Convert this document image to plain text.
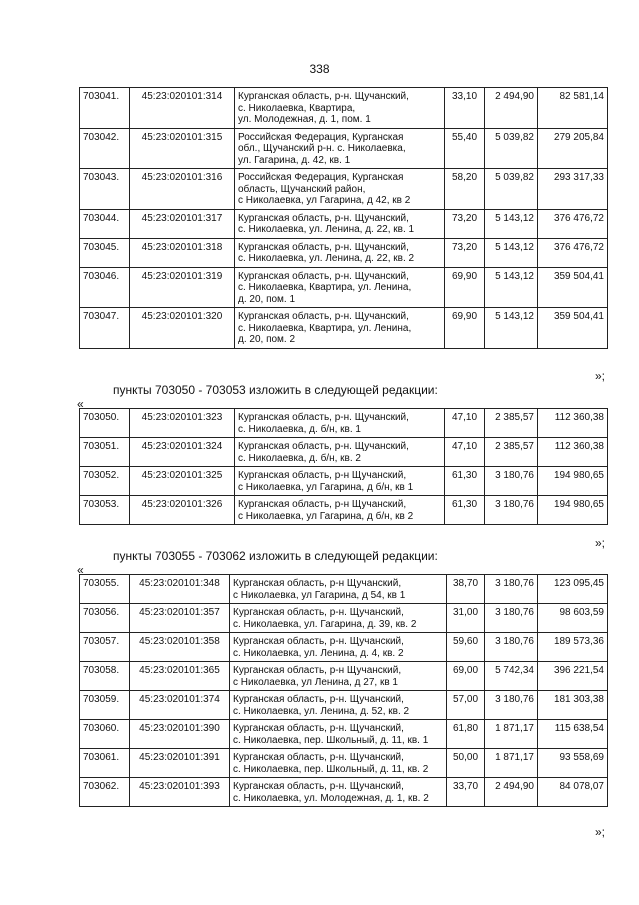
338
703041.	45:23:020101:314	Курганская область, р-н. Щучанский,
с. Николаевка, Квартира,
ул. Молодежная, д. 1, пом. 1	33,10	2 494,90	82 581,14
703042.	45:23:020101:315	Российская Федерация, Курганская
обл., Щучанский р-н. с. Николаевка,
ул. Гагарина, д. 42, кв. 1	55,40	5 039,82	279 205,84
703043.	45:23:020101:316	Российская Федерация, Курганская
область, Щучанский район,
с Николаевка, ул Гагарина, д 42, кв 2	58,20	5 039,82	293 317,33
703044.	45:23:020101:317	Курганская область, р-н. Щучанский,
с. Николаевка, ул. Ленина, д. 22, кв. 1	73,20	5 143,12	376 476,72
703045.	45:23:020101:318	Курганская область, р-н. Щучанский,
с. Николаевка, ул. Ленина, д. 22, кв. 2	73,20	5 143,12	376 476,72
703046.	45:23:020101:319	Курганская область, р-н. Щучанский,
с. Николаевка, Квартира, ул. Ленина,
д. 20, пом. 1	69,90	5 143,12	359 504,41
703047.	45:23:020101:320	Курганская область, р-н. Щучанский,
с. Николаевка, Квартира, ул. Ленина,
д. 20, пом. 2	69,90	5 143,12	359 504,41
»;
пункты 703050 - 703053 изложить в следующей редакции:
«
703050.	45:23:020101:323	Курганская область, р-н. Щучанский,
с. Николаевка, д. б/н, кв. 1	47,10	2 385,57	112 360,38
703051.	45:23:020101:324	Курганская область, р-н. Щучанский,
с. Николаевка, д. б/н, кв. 2	47,10	2 385,57	112 360,38
703052.	45:23:020101:325	Курганская область, р-н Щучанский,
с Николаевка, ул Гагарина, д б/н, кв 1	61,30	3 180,76	194 980,65
703053.	45:23:020101:326	Курганская область, р-н Щучанский,
с Николаевка, ул Гагарина, д б/н, кв 2	61,30	3 180,76	194 980,65
»;
пункты 703055 - 703062 изложить в следующей редакции:
«
703055.	45:23:020101:348	Курганская область, р-н Щучанский,
с Николаевка, ул Гагарина, д 54, кв 1	38,70	3 180,76	123 095,45
703056.	45:23:020101:357	Курганская область, р-н. Щучанский,
с. Николаевка, ул. Гагарина, д. 39, кв. 2	31,00	3 180,76	98 603,59
703057.	45:23:020101:358	Курганская область, р-н. Щучанский,
с. Николаевка, ул. Ленина, д. 4, кв. 2	59,60	3 180,76	189 573,36
703058.	45:23:020101:365	Курганская область, р-н Щучанский,
с Николаевка, ул Ленина, д 27, кв 1	69,00	5 742,34	396 221,54
703059.	45:23:020101:374	Курганская область, р-н. Щучанский,
с. Николаевка, ул. Ленина, д. 52, кв. 2	57,00	3 180,76	181 303,38
703060.	45:23:020101:390	Курганская область, р-н. Щучанский,
с. Николаевка, пер. Школьный, д. 11, кв. 1	61,80	1 871,17	115 638,54
703061.	45:23:020101:391	Курганская область, р-н. Щучанский,
с. Николаевка, пер. Школьный, д. 11, кв. 2	50,00	1 871,17	93 558,69
703062.	45:23:020101:393	Курганская область, р-н. Щучанский,
с. Николаевка, ул. Молодежная, д. 1, кв. 2	33,70	2 494,90	84 078,07
»;
